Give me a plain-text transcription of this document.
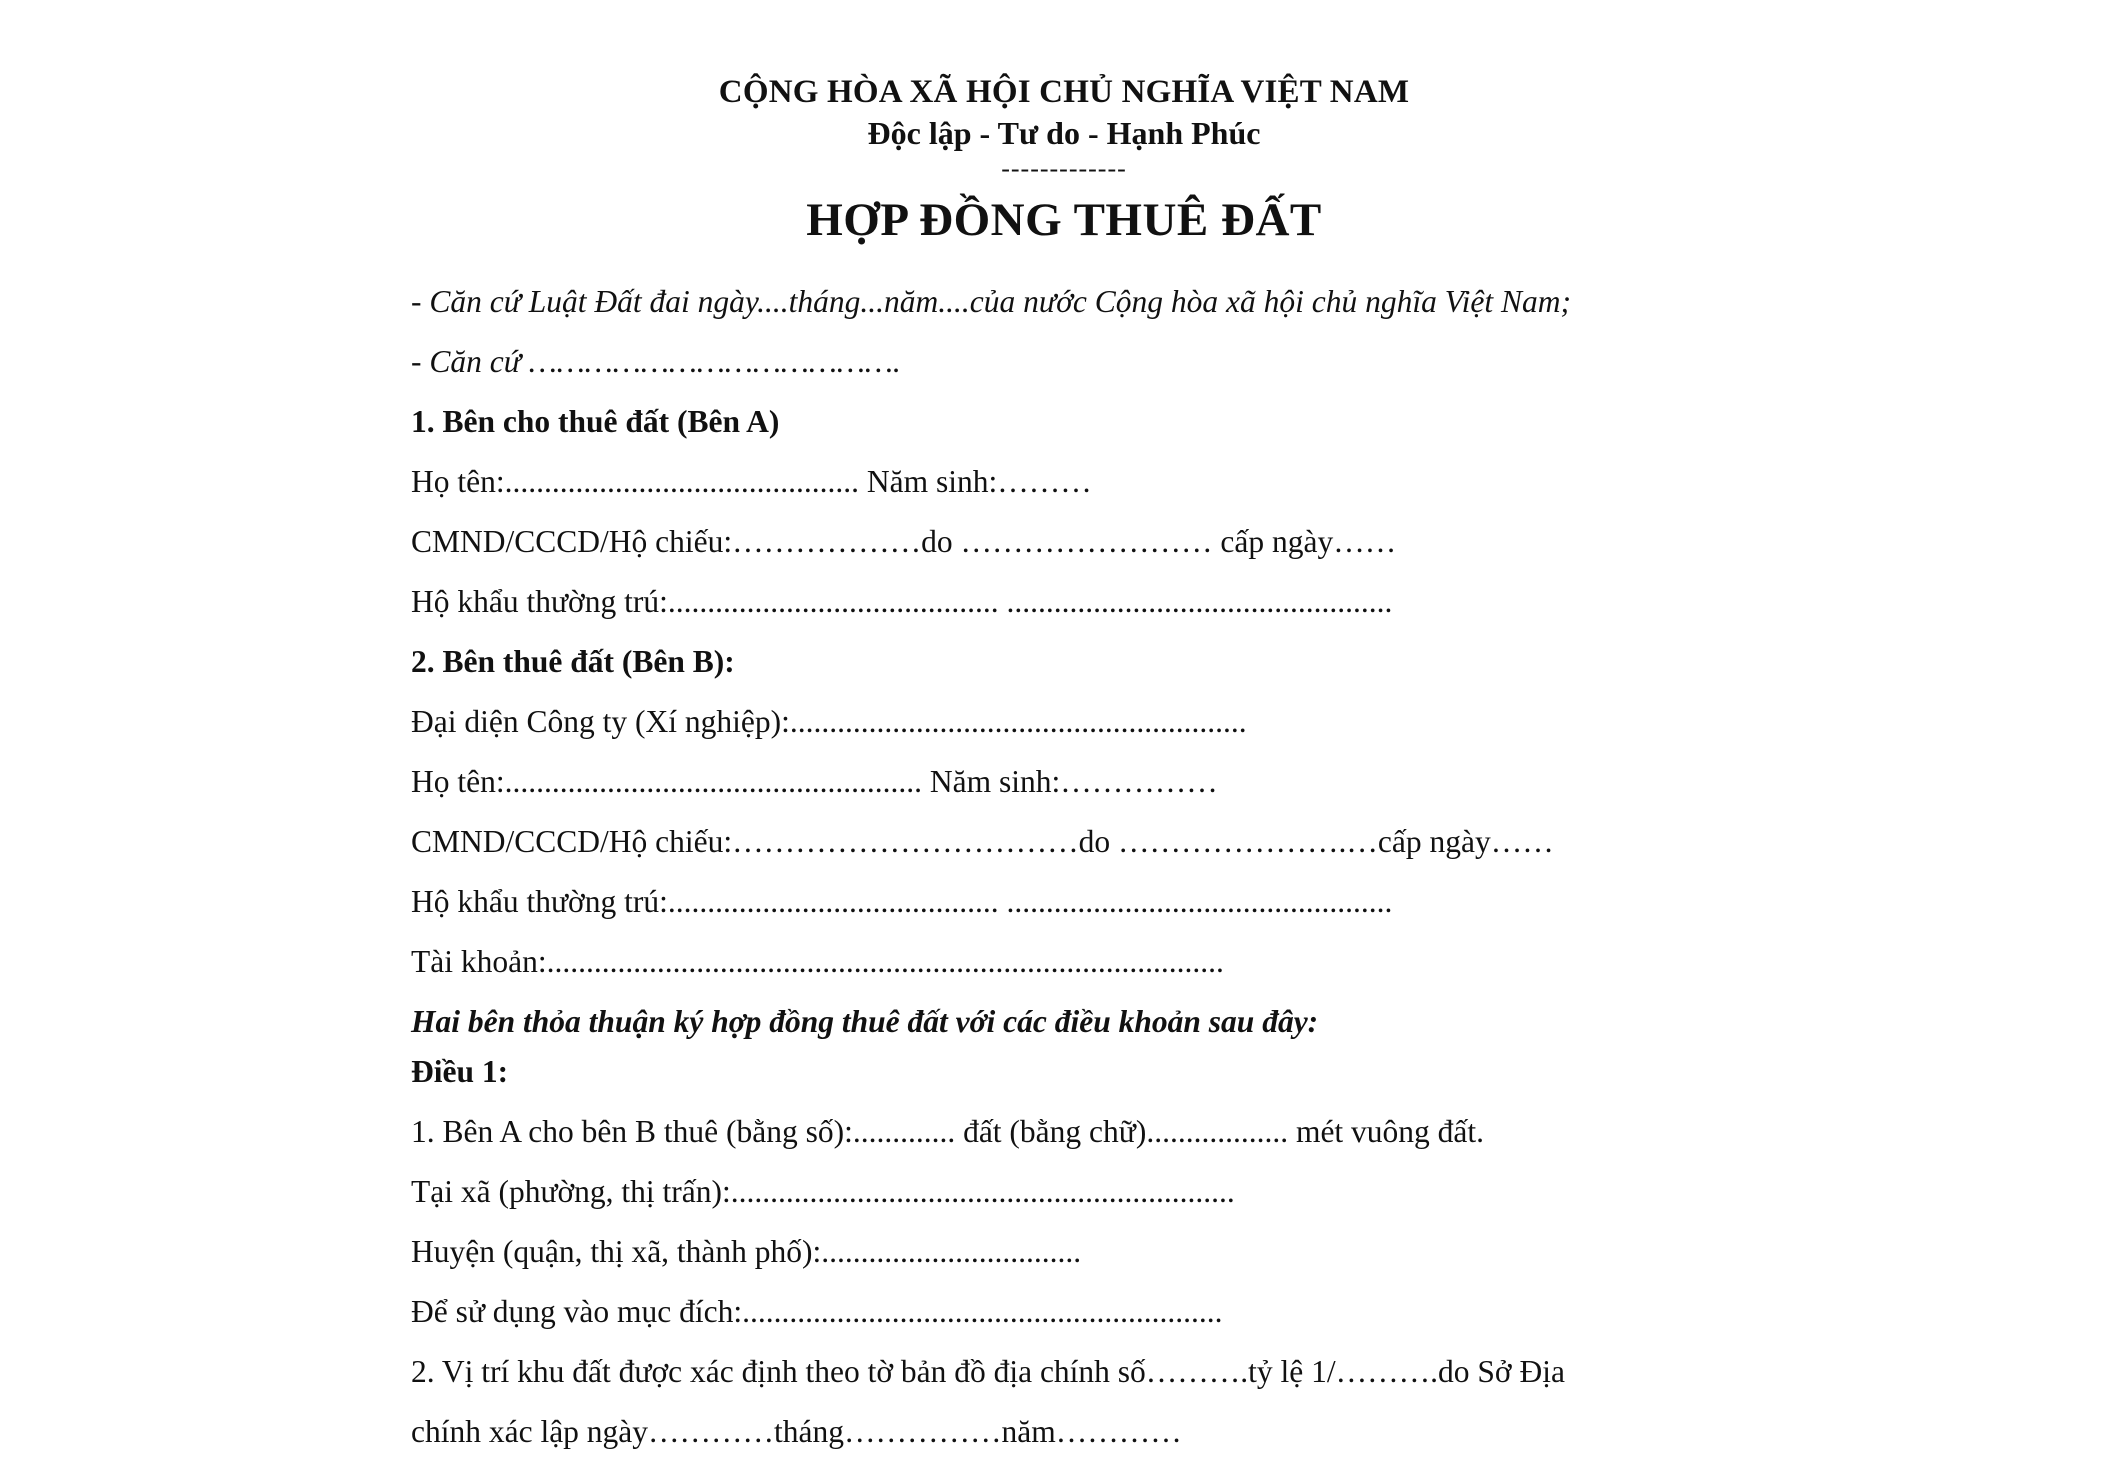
CỘNG HÒA XÃ HỘI CHỦ NGHĨA VIỆT NAM
Độc lập - Tư do - Hạnh Phúc
-------------
HỢP ĐỒNG THUÊ ĐẤT
- Căn cứ Luật Đất đai ngày....tháng...năm....của nước Cộng hòa xã hội chủ nghĩa Việt Nam;
- Căn cứ ………………………………….
1. Bên cho thuê đất (Bên A)
Họ tên:............................................. Năm sinh:………
CMND/CCCD/Hộ chiếu:………………do …………………… cấp ngày……
Hộ khẩu thường trú:.......................................... .................................................
2. Bên thuê đất (Bên B):
Đại diện Công ty (Xí nghiệp):..........................................................
Họ tên:..................................................... Năm sinh:……………
CMND/CCCD/Hộ chiếu:……………………………do ………………….…cấp ngày……
Hộ khẩu thường trú:.......................................... .................................................
Tài khoản:......................................................................................
Hai bên thỏa thuận ký hợp đồng thuê đất với các điều khoản sau đây:
Điều 1:
1. Bên A cho bên B thuê (bằng số):............. đất (bằng chữ).................. mét vuông đất.
Tại xã (phường, thị trấn):................................................................
Huyện (quận, thị xã, thành phố):.................................
Để sử dụng vào mục đích:.............................................................
2. Vị trí khu đất được xác định theo tờ bản đồ địa chính số……….tỷ lệ 1/……….do Sở Địa
chính xác lập ngày…………tháng……………năm…………
